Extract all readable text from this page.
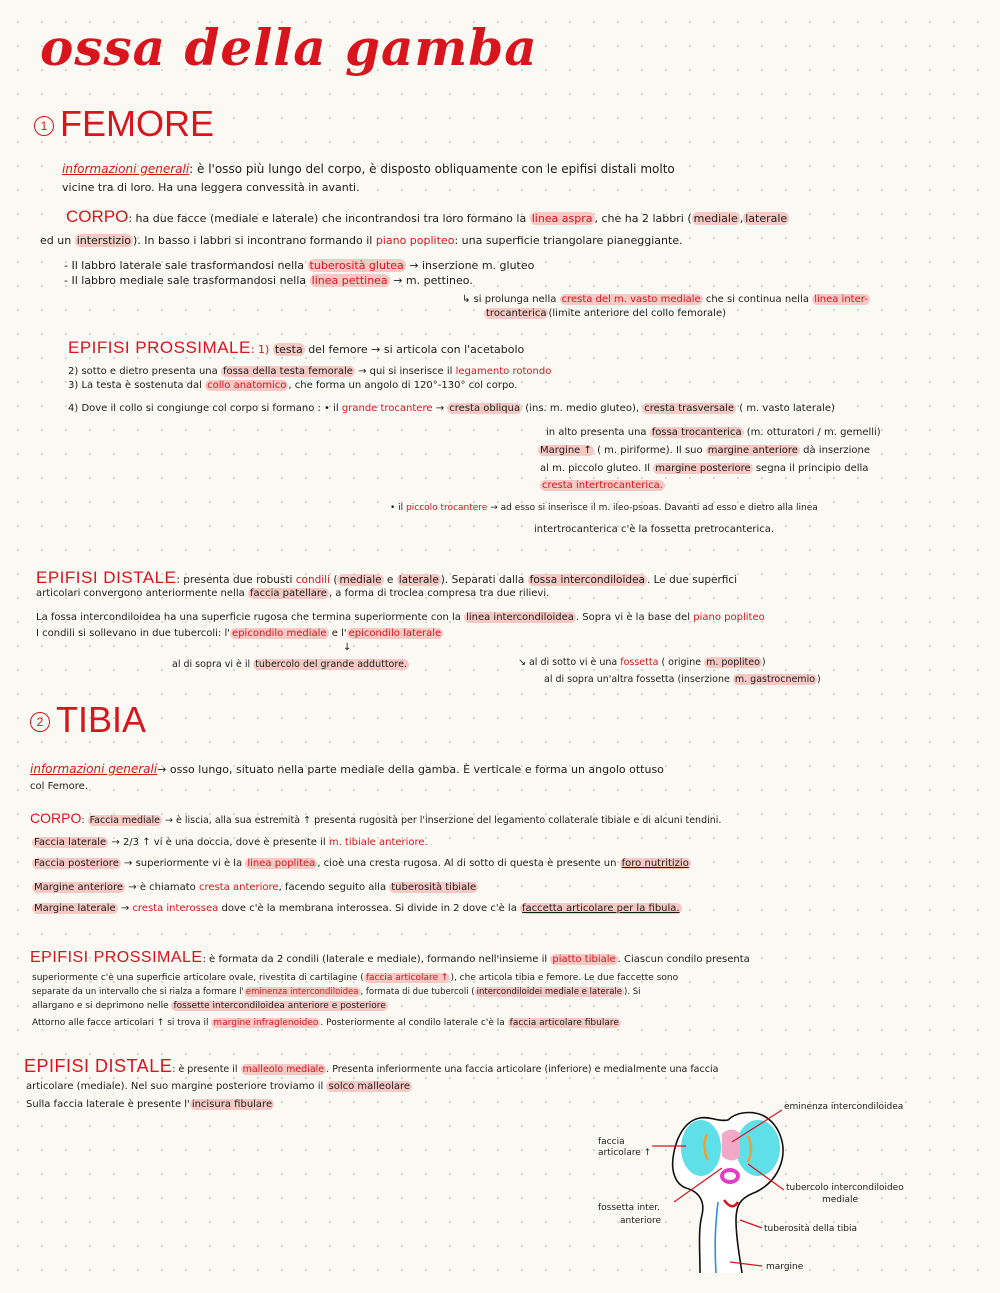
ossa della gamba
1 FEMORE
informazioni generali: è l'osso più lungo del corpo, è disposto obliquamente con le epifisi distali molto
vicine tra di loro. Ha una leggera convessità in avanti.
CORPO: ha due facce (mediale e laterale) che incontrandosi tra loro formano la linea aspra , che ha 2 labbri ( mediale , laterale
ed un interstizio ). In basso i labbri si incontrano formando il piano popliteo: una superficie triangolare pianeggiante.
- Il labbro laterale sale trasformandosi nella tuberosità glutea → inserzione m. gluteo
- Il labbro mediale sale trasformandosi nella linea pettinea → m. pettineo.
↳ si prolunga nella cresta del m. vasto mediale che si continua nella linea inter-
trocanterica (limite anteriore del collo femorale)
EPIFISI PROSSIMALE: 1) testa del femore → si articola con l'acetabolo
2) sotto e dietro presenta una fossa della testa femorale → qui si inserisce il legamento rotondo
3) La testa è sostenuta dal collo anatomico , che forma un angolo di 120°-130° col corpo.
4) Dove il collo si congiunge col corpo si formano : • il grande trocantere → cresta obliqua (ins. m. medio gluteo), cresta trasversale ( m. vasto laterale)
in alto presenta una fossa trocanterica (m. otturatori / m. gemelli)
Margine ↑ ( m. piriforme). Il suo margine anteriore dà inserzione
al m. piccolo gluteo. Il margine posteriore segna il principio della
cresta intertrocanterica.
• il piccolo trocantere → ad esso si inserisce il m. ileo-psoas. Davanti ad esso e dietro alla linea
intertrocanterica c'è la fossetta pretrocanterica.
EPIFISI DISTALE: presenta due robusti condili ( mediale e laterale ). Separati dalla fossa intercondiloidea . Le due superfici
articolari convergono anteriormente nella faccia patellare , a forma di troclea compresa tra due rilievi.
La fossa intercondiloidea ha una superficie rugosa che termina superiormente con la linea intercondiloidea . Sopra vi è la base del piano popliteo
I condili si sollevano in due tubercoli: l' epicondilo mediale e l' epicondilo laterale
↓
al di sopra vi è il tubercolo del grande adduttore.	↘ al di sotto vi è una fossetta ( origine m. popliteo )
al di sopra un'altra fossetta (inserzione m. gastrocnemio )
2 TIBIA
informazioni generali→ osso lungo, situato nella parte mediale della gamba. È verticale e forma un angolo ottuso
col Femore.
CORPO: Faccia mediale → è liscia, alla sua estremità ↑ presenta rugosità per l'inserzione del legamento collaterale tibiale e di alcuni tendini.
Faccia laterale → 2/3 ↑ vi è una doccia, dove è presente il m. tibiale anteriore.
Faccia posteriore → superiormente vi è la linea poplitea , cioè una cresta rugosa. Al di sotto di questa è presente un foro nutritizio
Margine anteriore → è chiamato cresta anteriore, facendo seguito alla tuberosità tibiale
Margine laterale → cresta interossea dove c'è la membrana interossea. Si divide in 2 dove c'è la faccetta articolare per la fibula.
EPIFISI PROSSIMALE: è formata da 2 condili (laterale e mediale), formando nell'insieme il piatto tibiale . Ciascun condilo presenta
superiormente c'è una superficie articolare ovale, rivestita di cartilagine ( faccia articolare ↑ ), che articola tibia e femore. Le due faccette sono
separate da un intervallo che si rialza a formare l' eminenza intercondiloidea , formata di due tubercoli ( intercondiloidei mediale e laterale ). Si
allargano e si deprimono nelle fossette intercondiloidea anteriore e posteriore
Attorno alle facce articolari ↑ si trova il margine infraglenoideo . Posteriormente al condilo laterale c'è la faccia articolare fibulare
EPIFISI DISTALE: è presente il malleolo mediale . Presenta inferiormente una faccia articolare (inferiore) e medialmente una faccia
articolare (mediale). Nel suo margine posteriore troviamo il solco malleolare
Sulla faccia laterale è presente l' incisura fibulare	eminenza intercondiloidea
faccia
articolare ↑
tubercolo intercondiloideo
mediale
fossetta inter.
anteriore
tuberosità della tibia
margine
